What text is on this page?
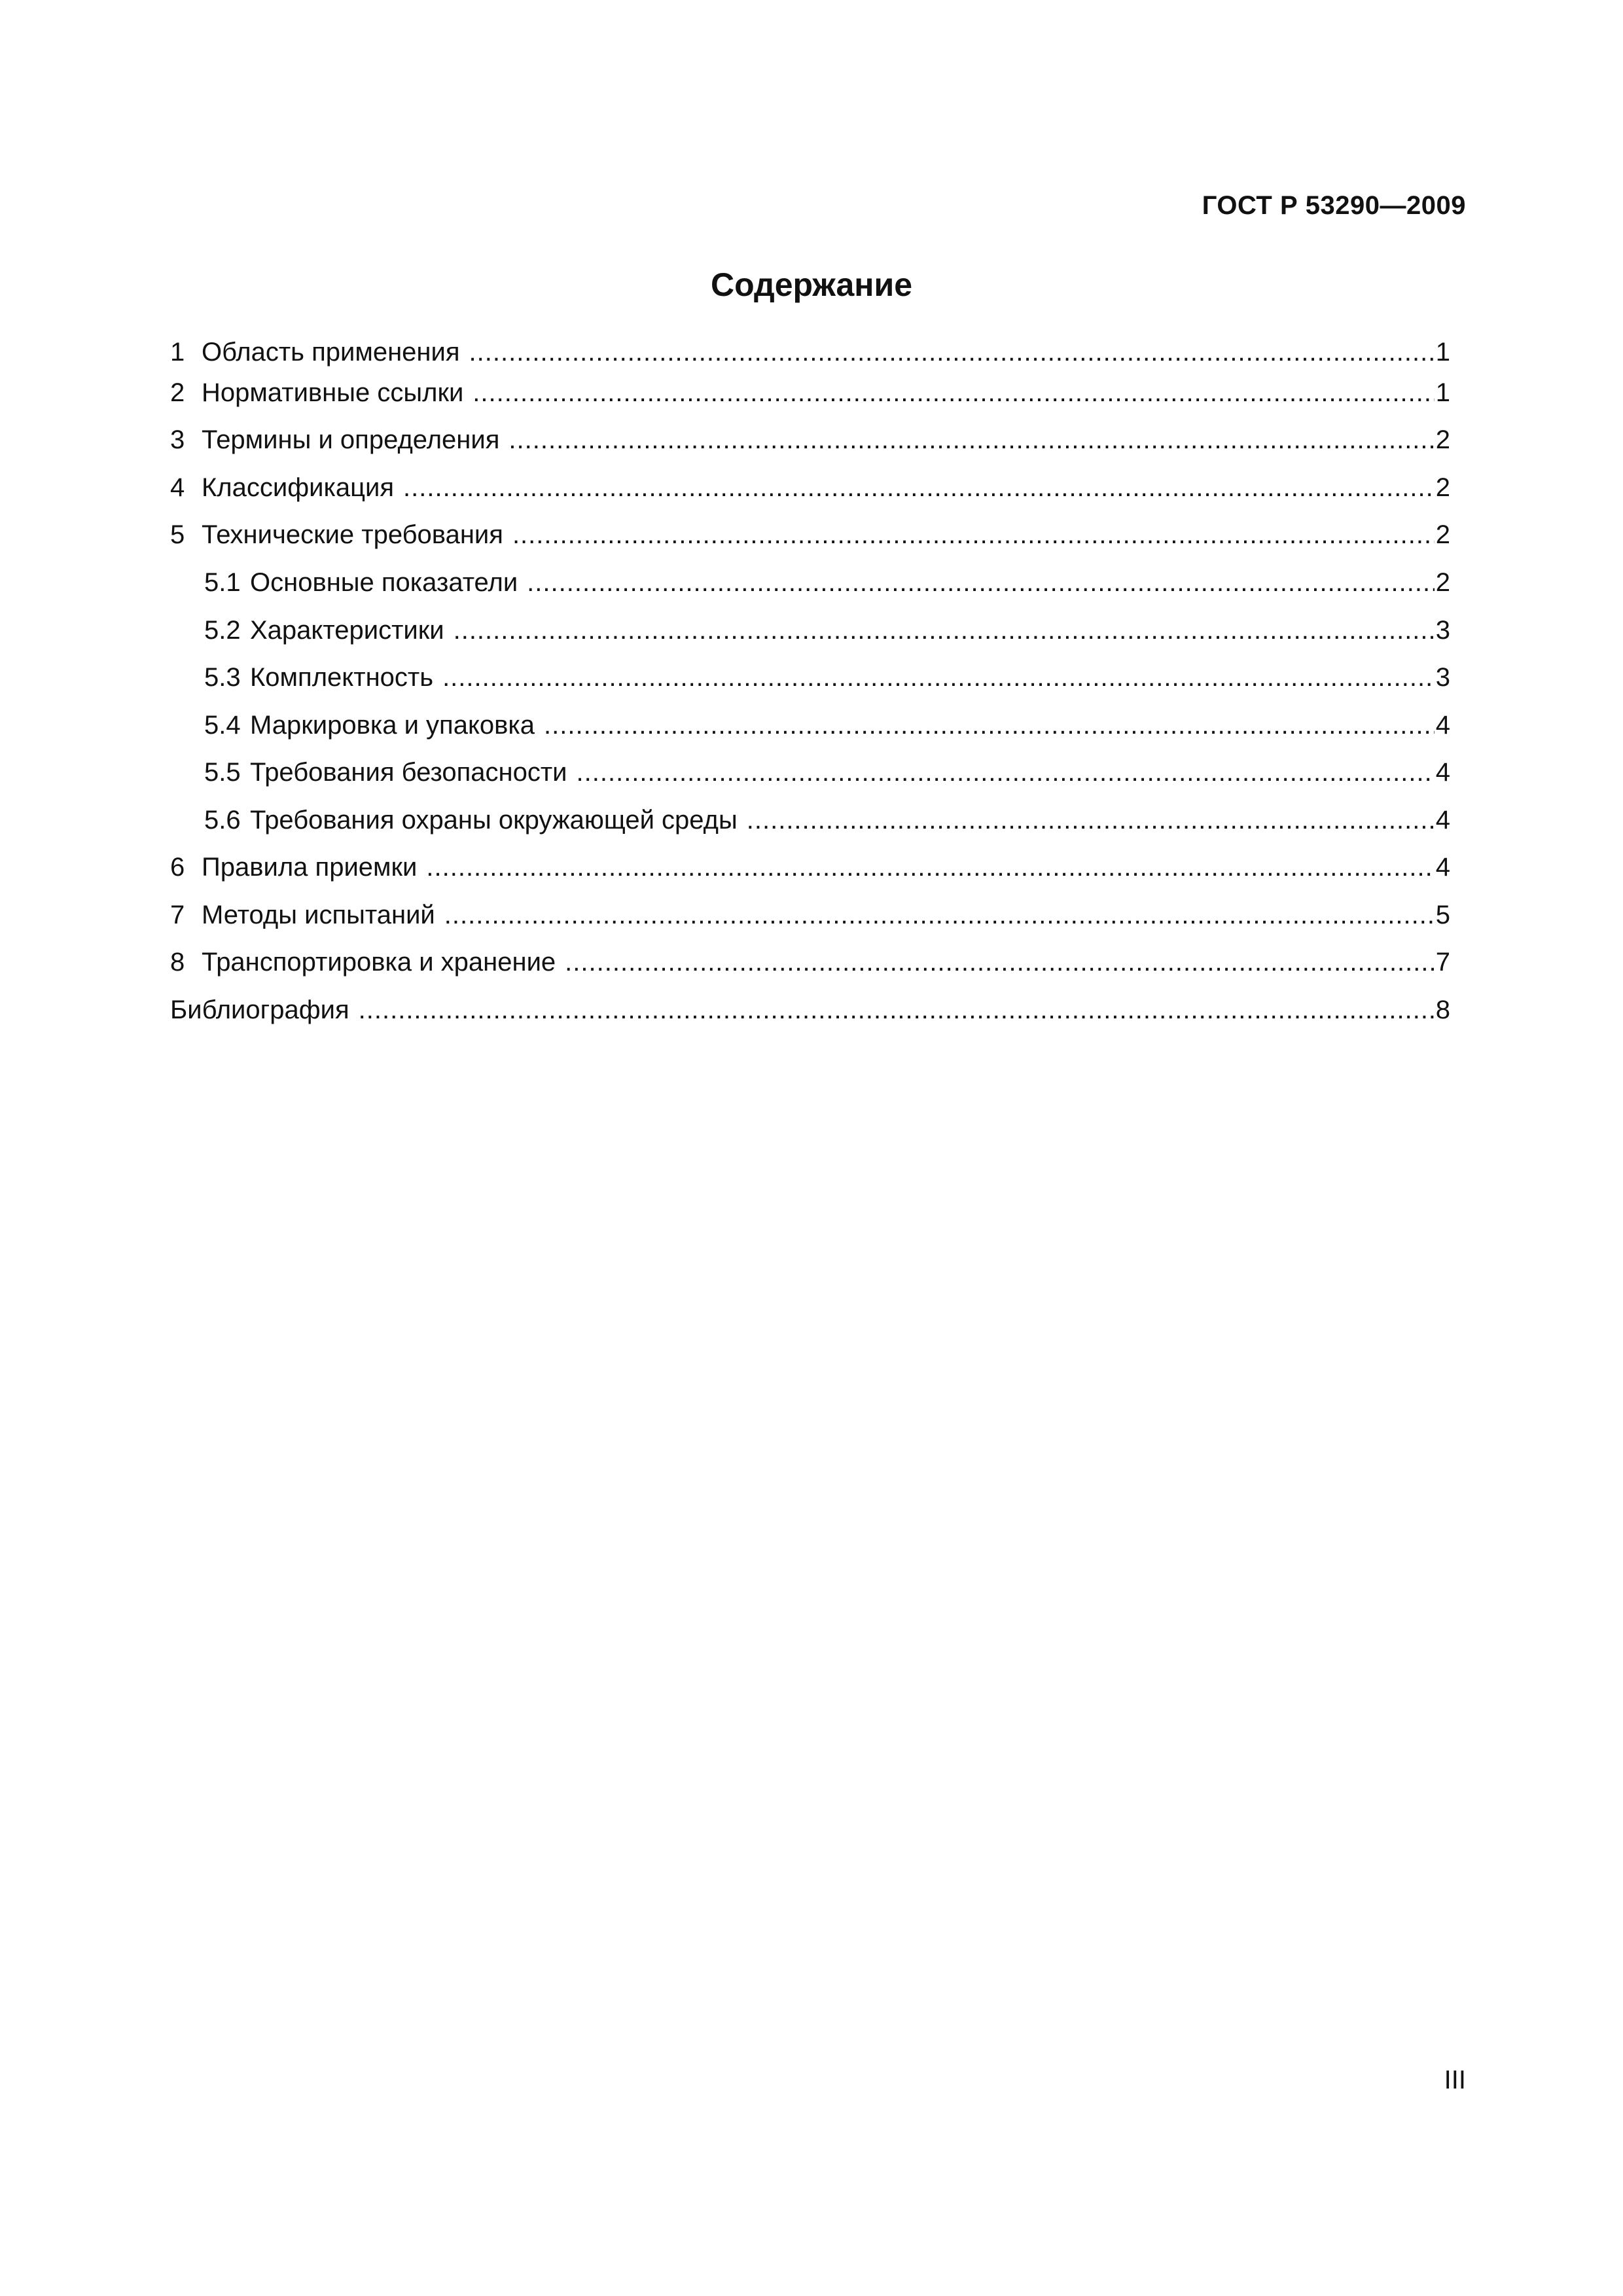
ГОСТ Р 53290—2009
Содержание
1 Область применения .....	1
2 Нормативные ссылки .....	1
3 Термины и определения .....	2
4 Классификация .....	2
5 Технические требования .....	2
5.1 Основные показатели .....	2
5.2 Характеристики .....	3
5.3 Комплектность .....	3
5.4 Маркировка и упаковка .....	4
5.5 Требования безопасности .....	4
5.6 Требования охраны окружающей среды .....	4
6 Правила приемки .....	4
7 Методы испытаний .....	5
8 Транспортировка и хранение .....	7
Библиография .....	8
III
